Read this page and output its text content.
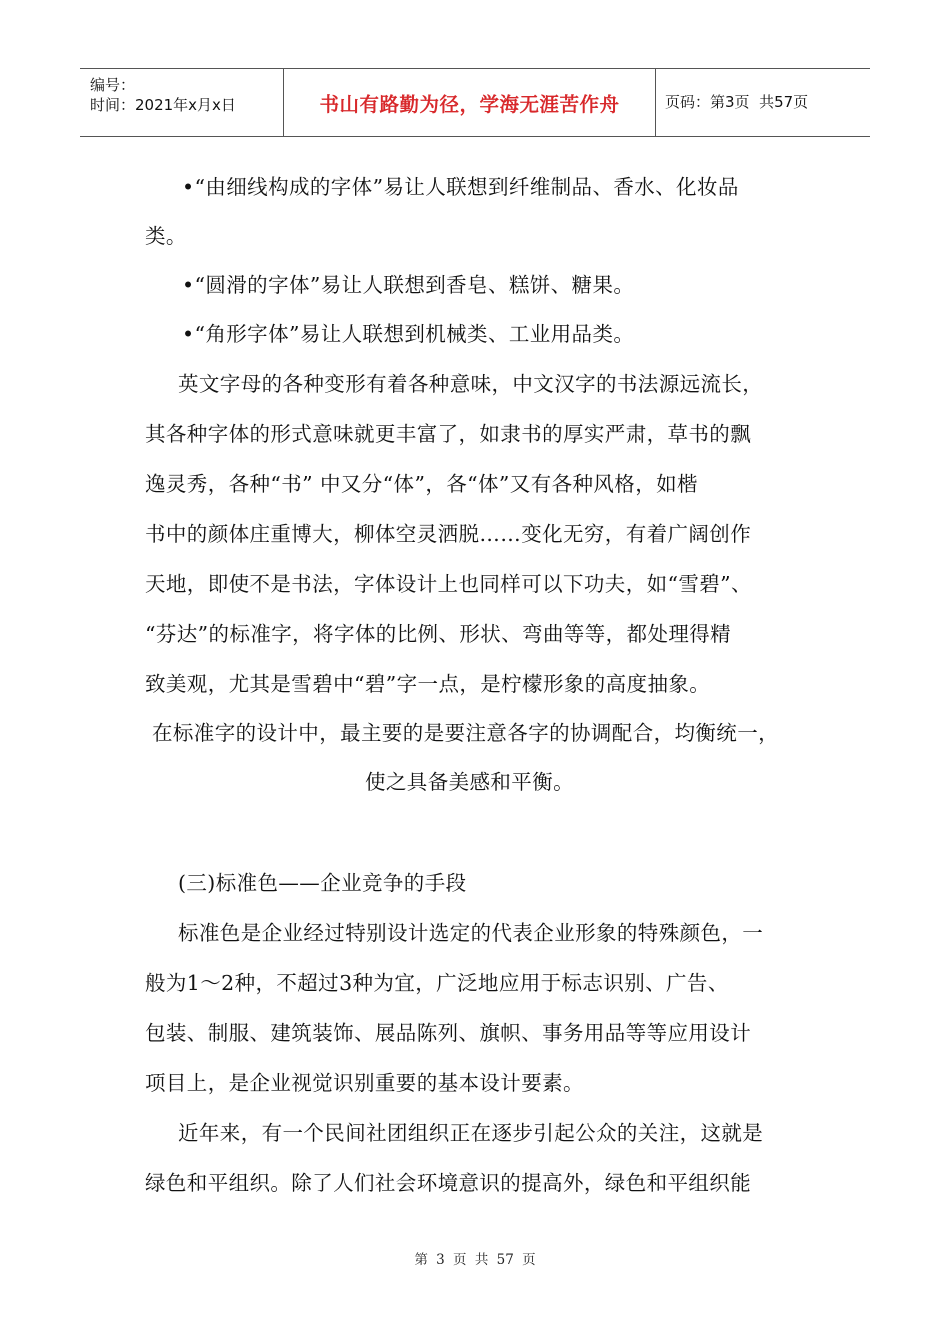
编号：
时间：2021年x月x日	书山有路勤为径，学海无涯苦作舟	页码：第3页  共57页
•“由细线构成的字体”易让人联想到纤维制品、香水、化妆品
类。
•“圆滑的字体”易让人联想到香皂、糕饼、糖果。
•“角形字体”易让人联想到机械类、工业用品类。
英文字母的各种变形有着各种意味，中文汉字的书法源远流长，
其各种字体的形式意味就更丰富了，如隶书的厚实严肃，草书的飘
逸灵秀，各种“书” 中又分“体”，各“体”又有各种风格，如楷
书中的颜体庄重博大，柳体空灵洒脱……变化无穷，有着广阔创作
天地，即使不是书法，字体设计上也同样可以下功夫，如“雪碧”、
“芬达”的标准字，将字体的比例、形状、弯曲等等，都处理得精
致美观，尤其是雪碧中“碧”字一点，是柠檬形象的高度抽象。
在标准字的设计中，最主要的是要注意各字的协调配合，均衡统一，
使之具备美感和平衡。
(三)标准色——企业竞争的手段
标准色是企业经过特别设计选定的代表企业形象的特殊颜色，一
般为1～2种，不超过3种为宜，广泛地应用于标志识别、广告、
包装、制服、建筑装饰、展品陈列、旗帜、事务用品等等应用设计
项目上，是企业视觉识别重要的基本设计要素。
近年来，有一个民间社团组织正在逐步引起公众的关注，这就是
绿色和平组织。除了人们社会环境意识的提高外，绿色和平组织能
第 3 页 共 57 页
